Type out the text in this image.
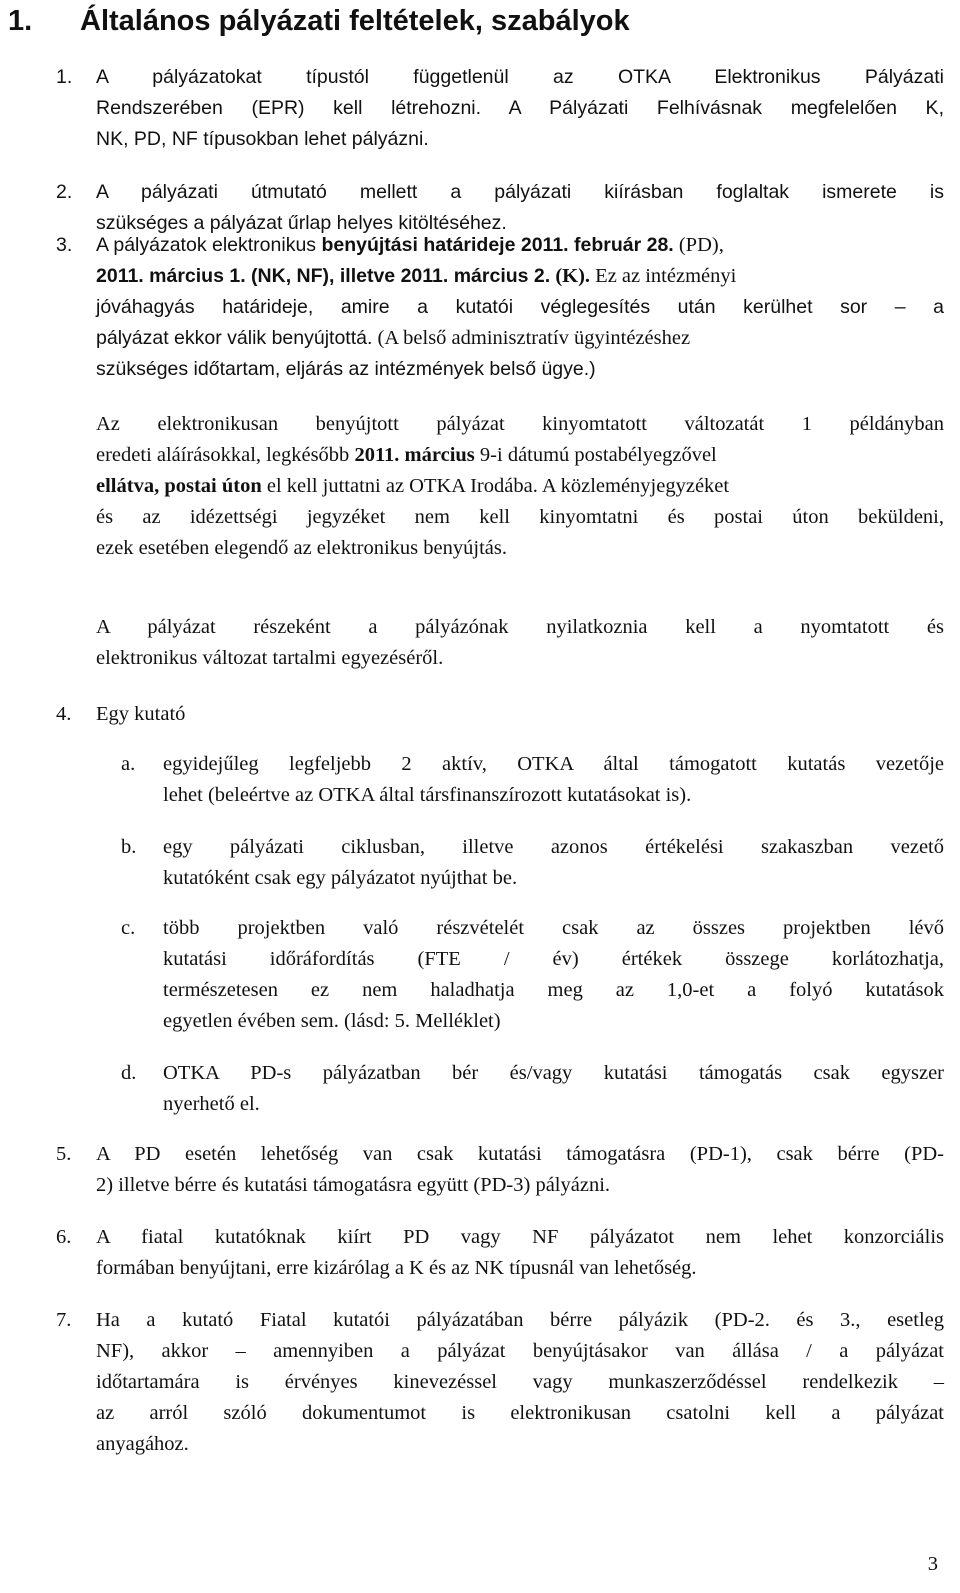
1. Általános pályázati feltételek, szabályok
1. A pályázatokat típustól függetlenül az OTKA Elektronikus Pályázati
Rendszerében (EPR) kell létrehozni. A Pályázati Felhívásnak megfelelően K,
NK, PD, NF típusokban lehet pályázni.
2. A pályázati útmutató mellett a pályázati kiírásban foglaltak ismerete is
szükséges a pályázat űrlap helyes kitöltéséhez.
3. A pályázatok elektronikus benyújtási határideje 2011. február 28. (PD),
2011. március 1. (NK, NF), illetve 2011. március 2. (K). Ez az intézményi
jóváhagyás határideje, amire a kutatói véglegesítés után kerülhet sor – a
pályázat ekkor válik benyújtottá. (A belső adminisztratív ügyintézéshez
szükséges időtartam, eljárás az intézmények belső ügye.)
Az elektronikusan benyújtott pályázat kinyomtatott változatát 1 példányban
eredeti aláírásokkal, legkésőbb 2011. március 9-i dátumú postabélyegzővel
ellátva, postai úton el kell juttatni az OTKA Irodába. A közleményjegyzéket
és az idézettségi jegyzéket nem kell kinyomtatni és postai úton beküldeni,
ezek esetében elegendő az elektronikus benyújtás.
A pályázat részeként a pályázónak nyilatkoznia kell a nyomtatott és
elektronikus változat tartalmi egyezéséről.
4. Egy kutató
a. egyidejűleg legfeljebb 2 aktív, OTKA által támogatott kutatás vezetője
lehet (beleértve az OTKA által társfinanszírozott kutatásokat is).
b. egy pályázati ciklusban, illetve azonos értékelési szakaszban vezető
kutatóként csak egy pályázatot nyújthat be.
c. több projektben való részvételét csak az összes projektben lévő
kutatási időráfordítás (FTE / év) értékek összege korlátozhatja,
természetesen ez nem haladhatja meg az 1,0-et a folyó kutatások
egyetlen évében sem. (lásd: 5. Melléklet)
d. OTKA PD-s pályázatban bér és/vagy kutatási támogatás csak egyszer
nyerhető el.
5. A PD esetén lehetőség van csak kutatási támogatásra (PD-1), csak bérre (PD-
2) illetve bérre és kutatási támogatásra együtt (PD-3) pályázni.
6. A fiatal kutatóknak kiírt PD vagy NF pályázatot nem lehet konzorciális
formában benyújtani, erre kizárólag a K és az NK típusnál van lehetőség.
7. Ha a kutató Fiatal kutatói pályázatában bérre pályázik (PD-2. és 3., esetleg
NF), akkor – amennyiben a pályázat benyújtásakor van állása / a pályázat
időtartamára is érvényes kinevezéssel vagy munkaszerződéssel rendelkezik –
az arról szóló dokumentumot is elektronikusan csatolni kell a pályázat
anyagához.
3
